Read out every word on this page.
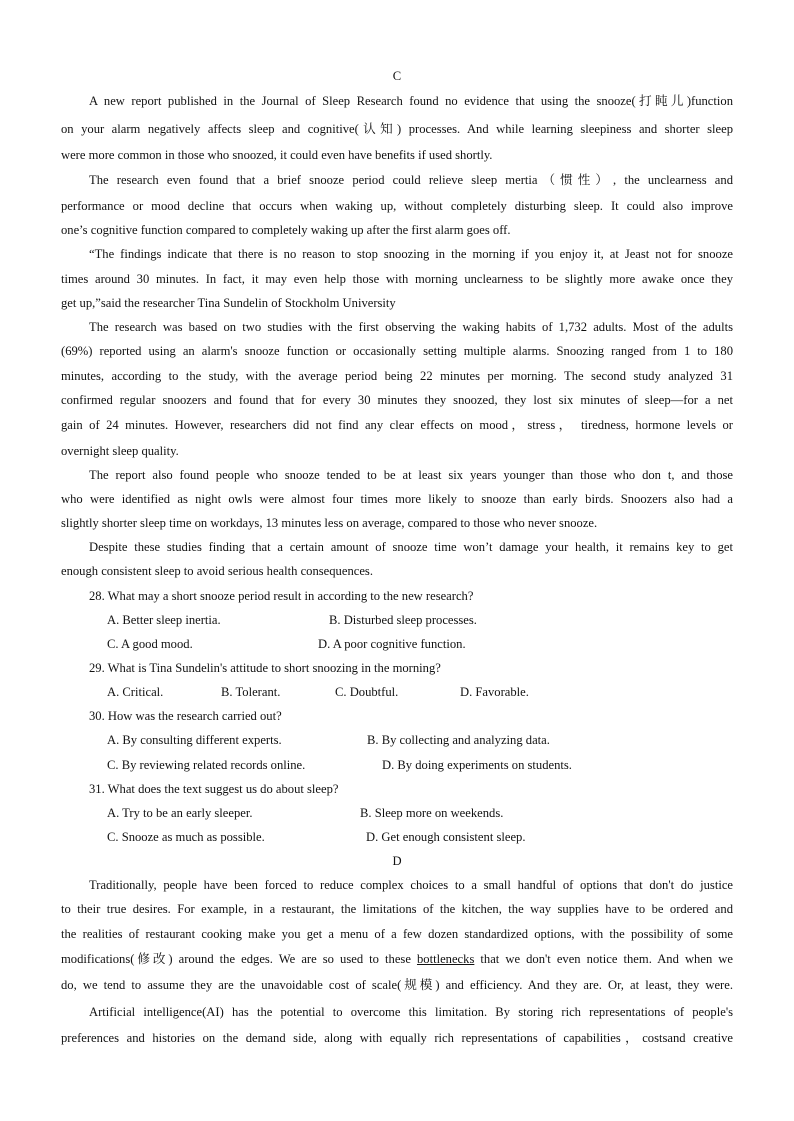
C
A new report published in the Journal of Sleep Research found no evidence that using the snooze(打盹儿)function
on your alarm negatively affects sleep and cognitive(认知) processes. And while learning sleepiness and shorter sleep
were more common in those who snoozed, it could even have benefits if used shortly.
The research even found that a brief snooze period could relieve sleep mertia（惯性）, the unclearness and
performance or mood decline that occurs when waking up, without completely disturbing sleep. It could also improve
one’s cognitive function compared to completely waking up after the first alarm goes off.
“The findings indicate that there is no reason to stop snoozing in the morning if you enjoy it, at Jeast not for snooze
times around 30 minutes. In fact, it may even help those with morning unclearness to be slightly more awake once they
get up,”said the researcher Tina Sundelin of Stockholm University
The research was based on two studies with the first observing the waking habits of 1,732 adults. Most of the adults
(69%) reported using an alarm's snooze function or occasionally setting multiple alarms. Snoozing ranged from 1 to 180
minutes, according to the study, with the average period being 22 minutes per morning. The second study analyzed 31
confirmed regular snoozers and found that for every 30 minutes they snoozed, they lost six minutes of sleep—for a net
gain of 24 minutes. However, researchers did not find any clear effects on mood，stress， tiredness, hormone levels or
overnight sleep quality.
The report also found people who snooze tended to be at least six years younger than those who don t, and those
who were identified as night owls were almost four times more likely to snooze than early birds. Snoozers also had a
slightly shorter sleep time on workdays, 13 minutes less on average, compared to those who never snooze.
Despite these studies finding that a certain amount of snooze time won’t damage your health, it remains key to get
enough consistent sleep to avoid serious health consequences.
28. What may a short snooze period result in according to the new research?
A. Better sleep inertia.	B. Disturbed sleep processes.
C. A good mood.	D. A poor cognitive function.
29. What is Tina Sundelin's attitude to short snoozing in the morning?
A. Critical.	B. Tolerant.	C. Doubtful.	D. Favorable.
30. How was the research carried out?
A. By consulting different experts.	B. By collecting and analyzing data.
C. By reviewing related records online.	D. By doing experiments on students.
31. What does the text suggest us do about sleep?
A. Try to be an early sleeper.	B. Sleep more on weekends.
C. Snooze as much as possible.	D. Get enough consistent sleep.
D
Traditionally, people have been forced to reduce complex choices to a small handful of options that don't do justice
to their true desires. For example, in a restaurant, the limitations of the kitchen, the way supplies have to be ordered and
the realities of restaurant cooking make you get a menu of a few dozen standardized options, with the possibility of some
modifications(修改) around the edges. We are so used to these bottlenecks that we don't even notice them. And when we
do, we tend to assume they are the unavoidable cost of scale(规模) and efficiency. And they are. Or, at least, they were.
Artificial intelligence(AI) has the potential to overcome this limitation. By storing rich representations of people's
preferences and histories on the demand side, along with equally rich representations of capabilities，costsand creative
